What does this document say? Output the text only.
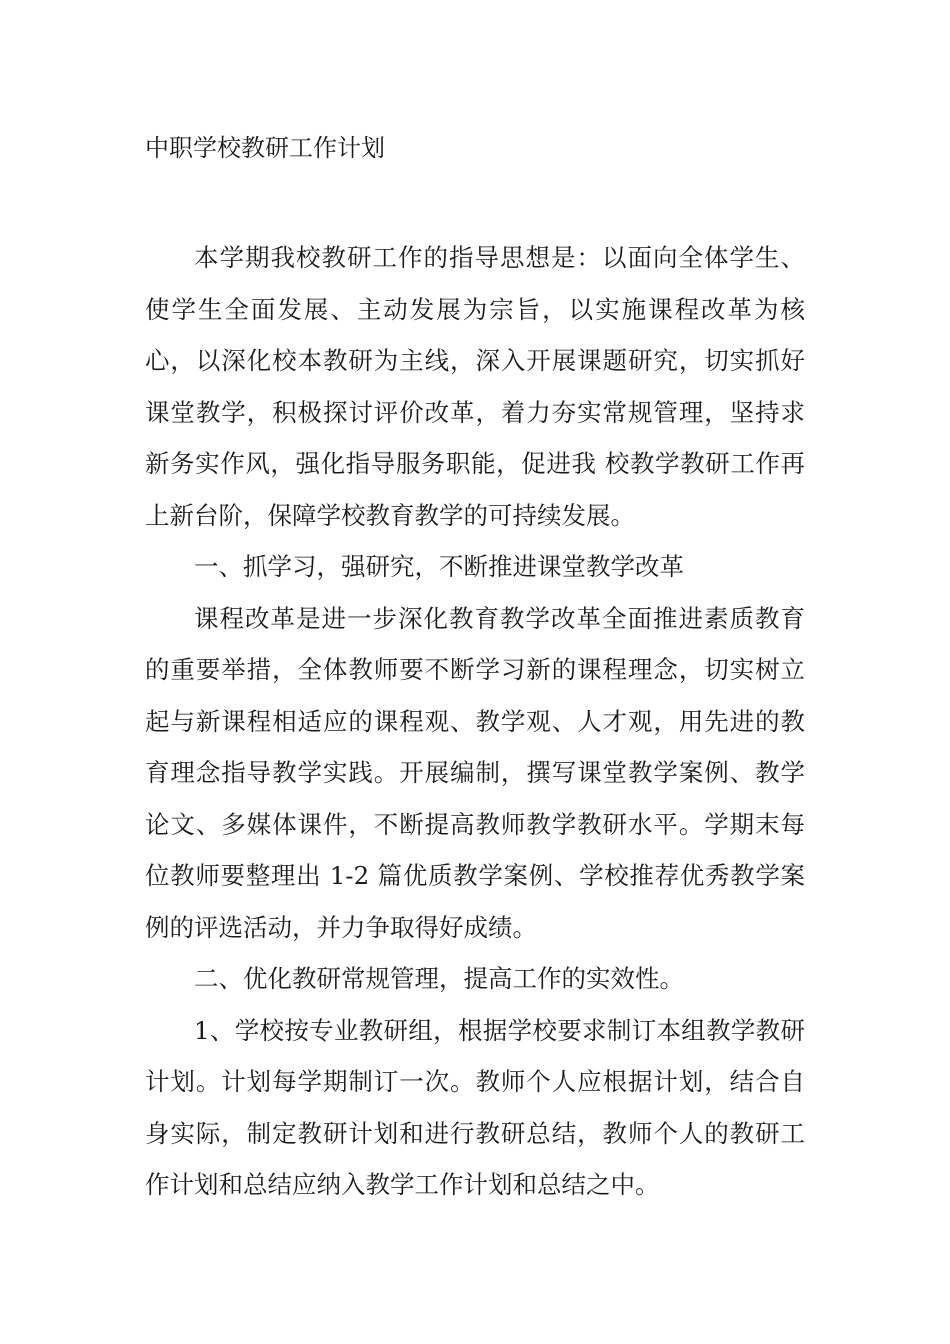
中职学校教研工作计划

本学期我校教研工作的指导思想是：以面向全体学生、使学生全面发展、主动发展为宗旨，以实施课程改革为核心，以深化校本教研为主线，深入开展课题研究，切实抓好课堂教学，积极探讨评价改革，着力夯实常规管理，坚持求新务实作风，强化指导服务职能，促进我 校教学教研工作再上新台阶，保障学校教育教学的可持续发展。

一、抓学习，强研究，不断推进课堂教学改革

课程改革是进一步深化教育教学改革全面推进素质教育的重要举措，全体教师要不断学习新的课程理念，切实树立起与新课程相适应的课程观、教学观、人才观，用先进的教育理念指导教学实践。开展编制，撰写课堂教学案例、教学论文、多媒体课件，不断提高教师教学教研水平。学期末每位教师要整理出 1-2 篇优质教学案例、学校推荐优秀教学案例的评选活动，并力争取得好成绩。

二、优化教研常规管理，提高工作的实效性。

1、学校按专业教研组，根据学校要求制订本组教学教研计划。计划每学期制订一次。教师个人应根据计划，结合自身实际，制定教研计划和进行教研总结，教师个人的教研工作计划和总结应纳入教学工作计划和总结之中。
